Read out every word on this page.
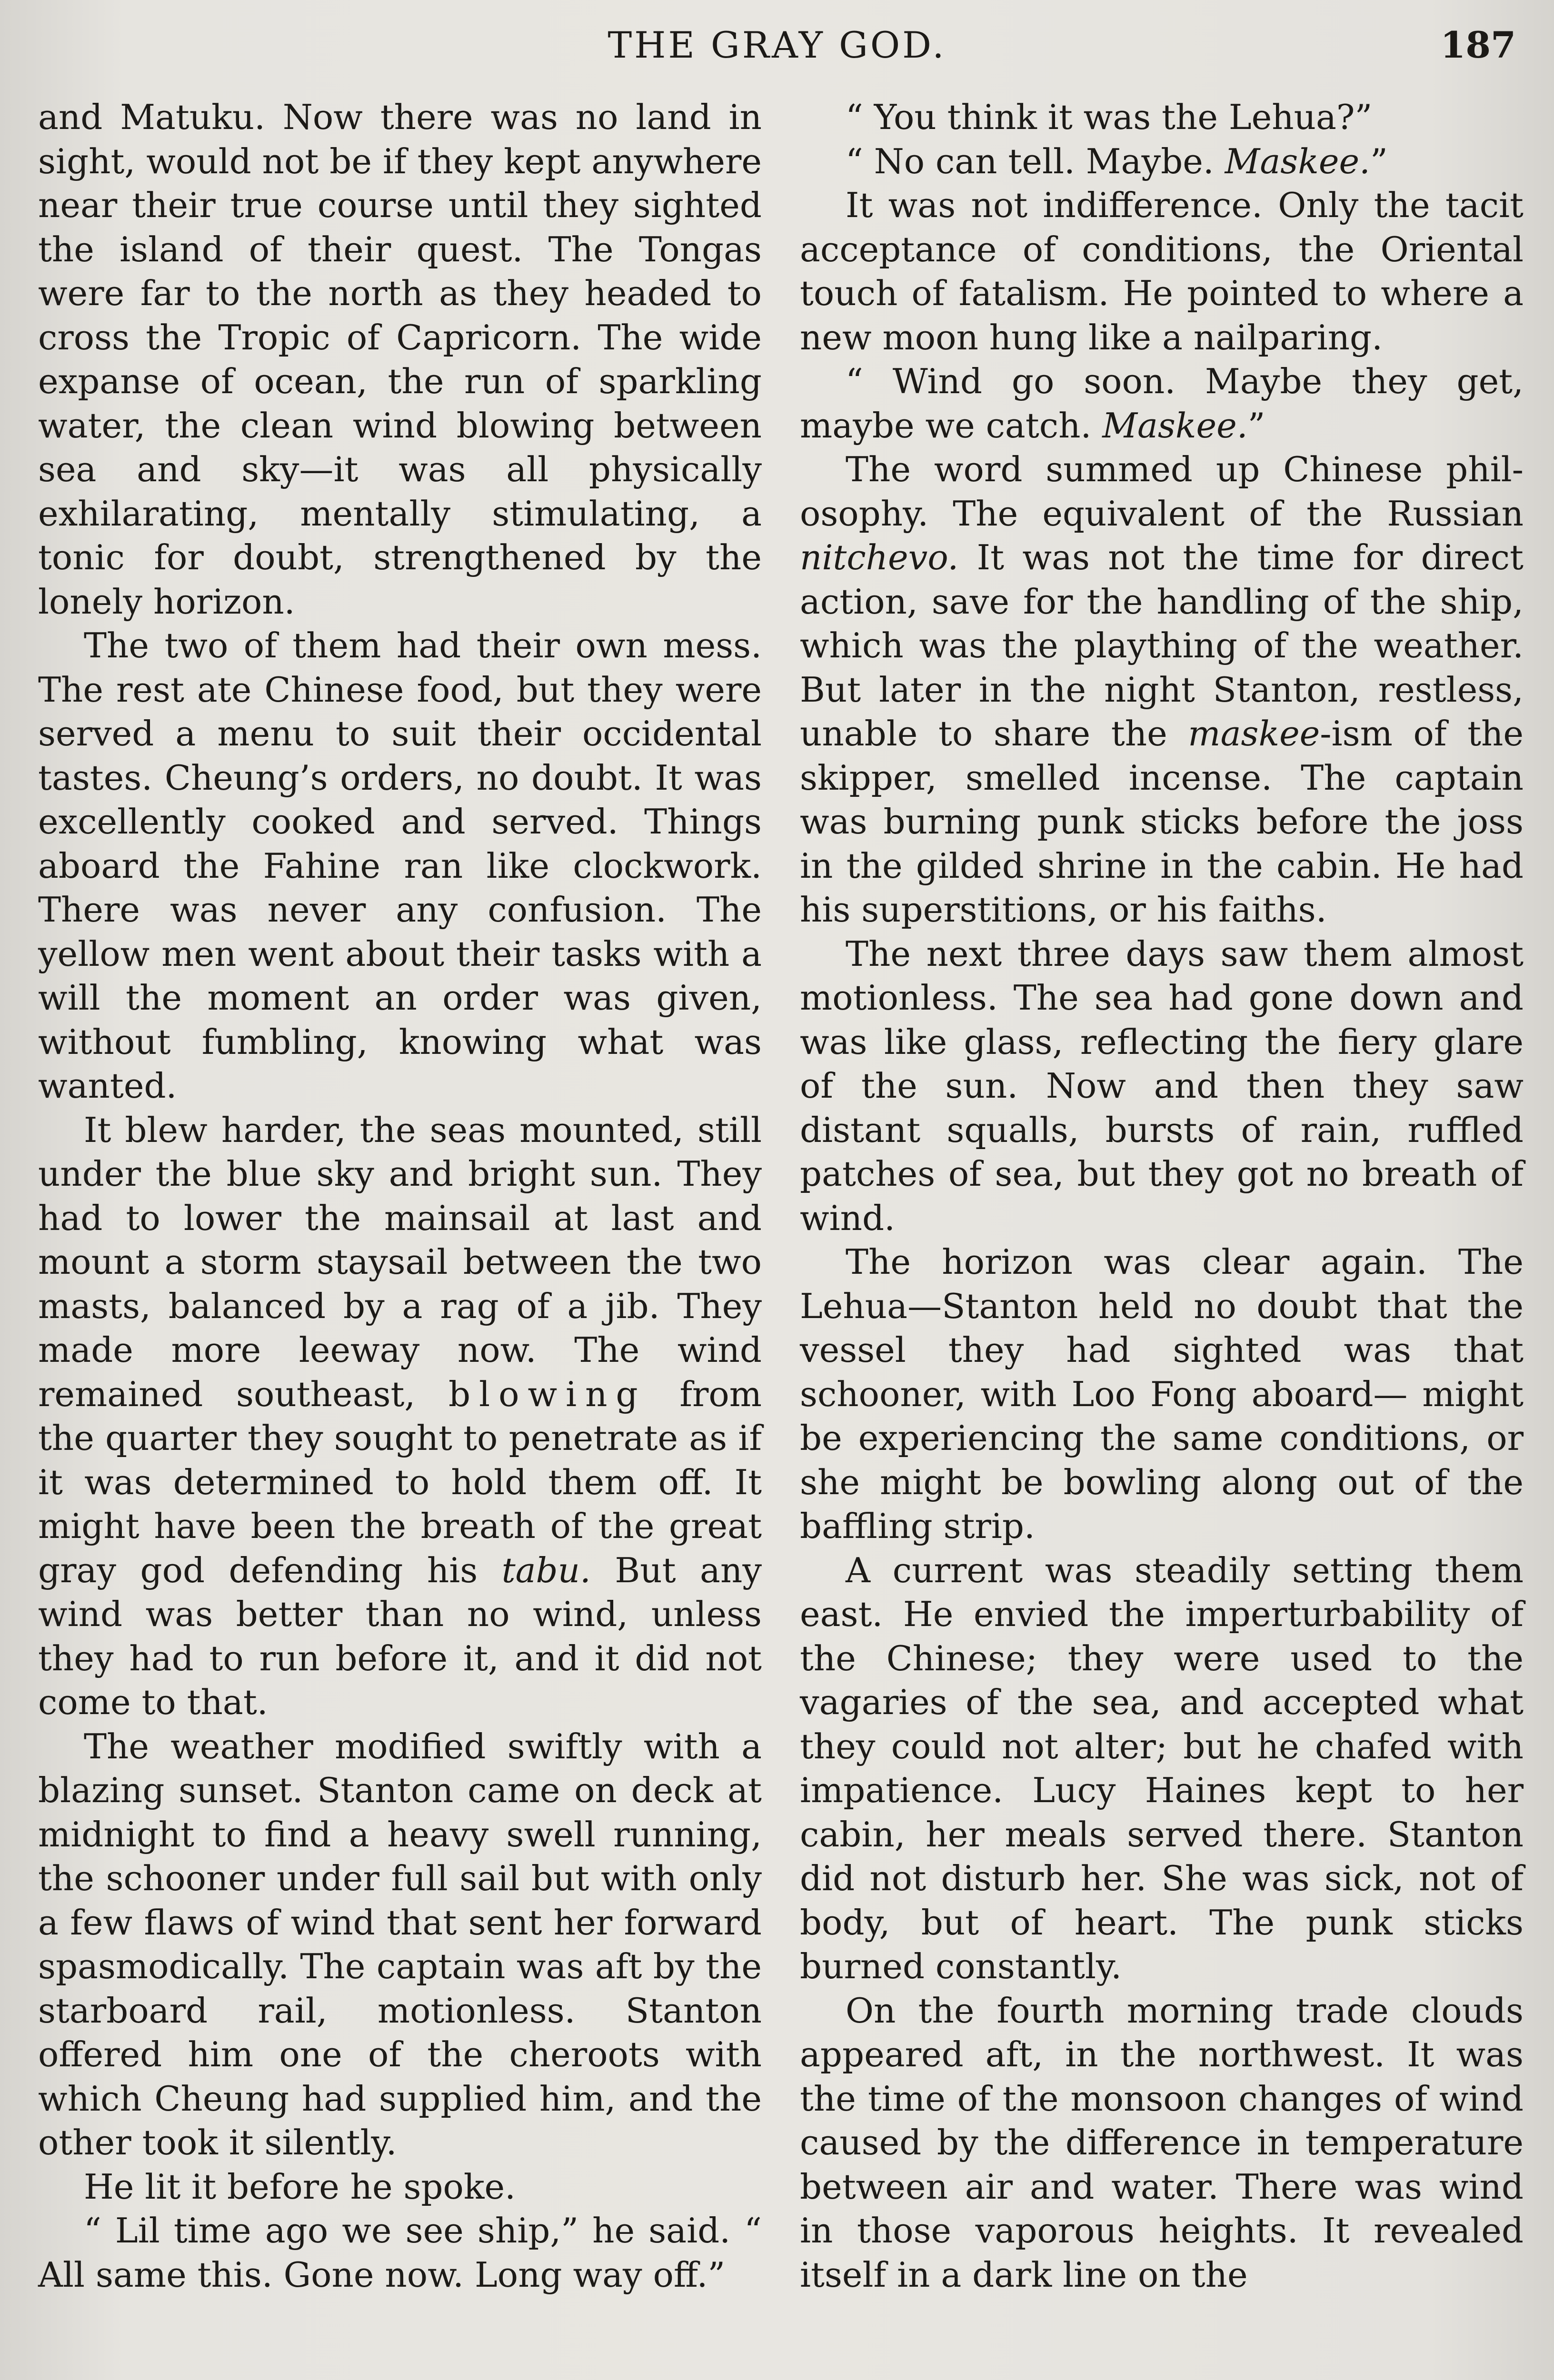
THE GRAY GOD.	187

and Matuku. Now there was no land in sight, would not be if they kept anywhere near their true course until they sighted the island of their quest. The Tongas were far to the north as they headed to cross the Tropic of Capricorn. The wide expanse of ocean, the run of sparkling water, the clean wind blowing between sea and sky—it was all physically exhilarating, mentally stimulating, a tonic for doubt, strengthened by the lonely horizon.

The two of them had their own mess. The rest ate Chinese food, but they were served a menu to suit their occidental tastes. Cheung’s orders, no doubt. It was excellently cooked and served. Things aboard the Fahine ran like clockwork. There was never any confusion. The yellow men went about their tasks with a will the moment an order was given, without fumbling, knowing what was wanted.

It blew harder, the seas mounted, still under the blue sky and bright sun. They had to lower the mainsail at last and mount a storm staysail between the two masts, balanced by a rag of a jib. They made more leeway now. The wind remained southeast, blowing from the quarter they sought to penetrate as if it was determined to hold them off. It might have been the breath of the great gray god defending his tabu. But any wind was better than no wind, unless they had to run before it, and it did not come to that.

The weather modified swiftly with a blazing sunset. Stanton came on deck at midnight to find a heavy swell running, the schooner under full sail but with only a few flaws of wind that sent her forward spasmodically. The captain was aft by the starboard rail, motionless. Stanton offered him one of the cheroots with which Cheung had supplied him, and the other took it silently.

He lit it before he spoke.

“ Lil time ago we see ship,” he said. “ All same this. Gone now. Long way off.”

“ You think it was the Lehua?”

“ No can tell. Maybe. Maskee.”

It was not indifference. Only the tacit acceptance of conditions, the Oriental touch of fatalism. He pointed to where a new moon hung like a nailparing.

“ Wind go soon. Maybe they get, maybe we catch. Maskee.”

The word summed up Chinese philosophy. The equivalent of the Russian nitchevo. It was not the time for direct action, save for the handling of the ship, which was the plaything of the weather. But later in the night Stanton, restless, unable to share the maskee-ism of the skipper, smelled incense. The captain was burning punk sticks before the joss in the gilded shrine in the cabin. He had his superstitions, or his faiths.

The next three days saw them almost motionless. The sea had gone down and was like glass, reflecting the fiery glare of the sun. Now and then they saw distant squalls, bursts of rain, ruffled patches of sea, but they got no breath of wind.

The horizon was clear again. The Lehua—Stanton held no doubt that the vessel they had sighted was that schooner, with Loo Fong aboard— might be experiencing the same conditions, or she might be bowling along out of the baffling strip.

A current was steadily setting them east. He envied the imperturbability of the Chinese; they were used to the vagaries of the sea, and accepted what they could not alter; but he chafed with impatience. Lucy Haines kept to her cabin, her meals served there. Stanton did not disturb her. She was sick, not of body, but of heart. The punk sticks burned constantly.

On the fourth morning trade clouds appeared aft, in the northwest. It was the time of the monsoon changes of wind caused by the difference in temperature between air and water. There was wind in those vaporous heights. It revealed itself in a dark line on the
